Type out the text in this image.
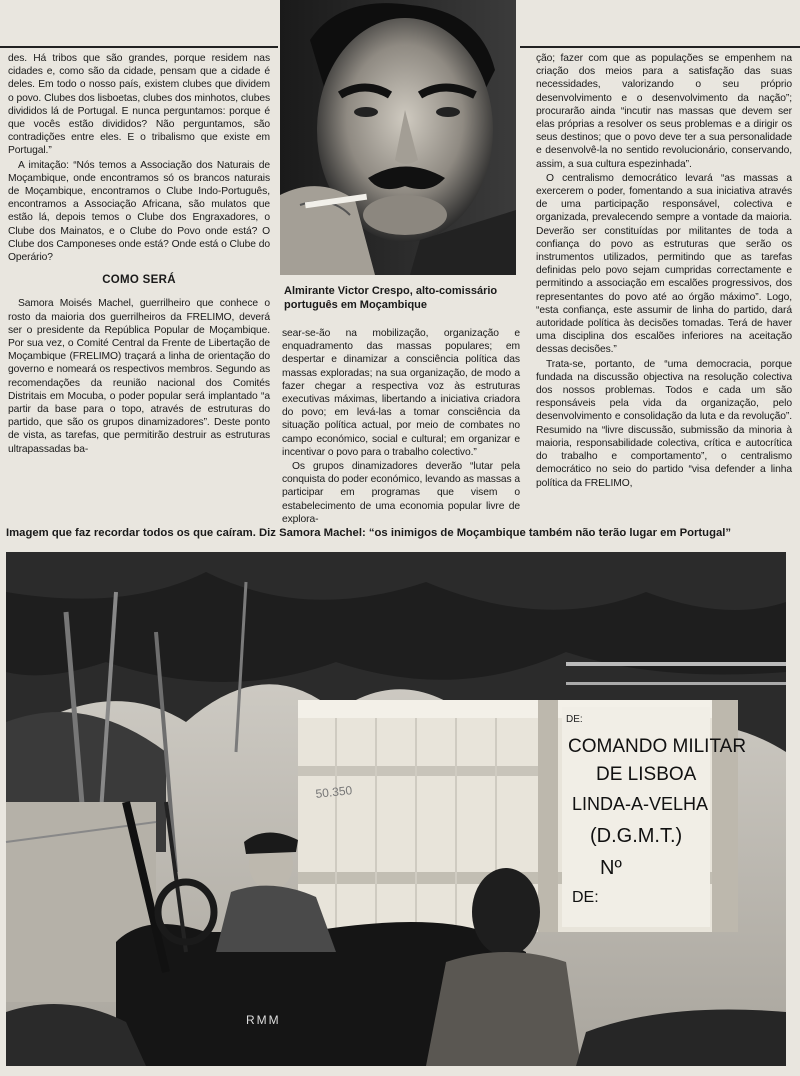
des. Há tribos que são grandes, porque residem nas cidades e, como são da cidade, pensam que a cidade é deles. Em todo o nosso país, existem clubes que dividem o povo. Clubes dos lisboetas, clubes dos minhotos, clubes divididos lá de Portugal. E nunca perguntamos: porque é que vocês estão divididos? Não perguntamos, são contradições entre eles. E o tribalismo que existe em Portugal.”

A imitação: “Nós temos a Associação dos Naturais de Moçambique, onde encontramos só os brancos naturais de Moçambique, encontramos o Clube Indo-Português, encontramos a Associação Africana, são mulatos que estão lá, depois temos o Clube dos Engraxadores, o Clube dos Mainatos, e o Clube do Povo onde está? O Clube dos Camponeses onde está? Onde está o Clube do Operário?

COMO SERÁ

Samora Moisés Machel, guerrilheiro que conhece o rosto da maioria dos guerrilheiros da FRELIMO, deverá ser o presidente da República Popular de Moçambique. Por sua vez, o Comité Central da Frente de Libertação de Moçambique (FRELIMO) traçará a linha de orientação do governo e nomeará os respectivos membros. Segundo as recomendações da reunião nacional dos Comités Distritais em Mocuba, o poder popular será implantado “a partir da base para o topo, através de estruturas do partido, que são os grupos dinamizadores”. Deste ponto de vista, as tarefas, que permitirão destruir as estruturas ultrapassadas ba-

Almirante Victor Crespo, alto-comissário português em Moçambique

sear-se-ão na mobilização, organização e enquadramento das massas populares; em despertar e dinamizar a consciência política das massas exploradas; na sua organização, de modo a fazer chegar a respectiva voz às estruturas executivas máximas, libertando a iniciativa criadora do povo; em levá-las a tomar consciência da situação política actual, por meio de combates no campo económico, social e cultural; em organizar e incentivar o povo para o trabalho colectivo.”

Os grupos dinamizadores deverão “lutar pela conquista do poder económico, levando as massas a participar em programas que visem o estabelecimento de uma economia popular livre de explora-

ção; fazer com que as populações se empenhem na criação dos meios para a satisfação das suas necessidades, valorizando o seu próprio desenvolvimento e o desenvolvimento da nação”; procurarão ainda “incutir nas massas que devem ser elas próprias a resolver os seus problemas e a dirigir os seus destinos; que o povo deve ter a sua personalidade e desenvolvê-la no sentido revolucionário, conservando, assim, a sua cultura espezinhada”.

O centralismo democrático levará “as massas a exercerem o poder, fomentando a sua iniciativa através de uma participação responsável, colectiva e organizada, prevalecendo sempre a vontade da maioria. Deverão ser constituídas por militantes de toda a confiança do povo as estruturas que serão os instrumentos utilizados, permitindo que as tarefas definidas pelo povo sejam cumpridas correctamente e permitindo a associação em escalões progressivos, dos representantes do povo até ao órgão máximo”. Logo, “esta confiança, este assumir de linha do partido, dará autoridade política às decisões tomadas. Terá de haver uma disciplina dos escalões inferiores na aceitação dessas decisões.”

Trata-se, portanto, de “uma democracia, porque fundada na discussão objectiva na resolução colectiva dos nossos problemas. Todos e cada um são responsáveis pela vida da organização, pelo desenvolvimento e consolidação da luta e da revolução”. Resumido na “livre discussão, submissão da minoria à maioria, responsabilidade colectiva, crítica e autocrítica do trabalho e comportamento”, o centralismo democrático no seio do partido “visa defender a linha política da FRELIMO,

Imagem que faz recordar todos os que caíram. Diz Samora Machel: “os inimigos de Moçambique também não terão lugar em Portugal”
50.350
DE:
COMANDO MILITAR
DE LISBOA
LINDA-A-VELHA
(D.G.M.T.)
Nº
DE:
RMM
